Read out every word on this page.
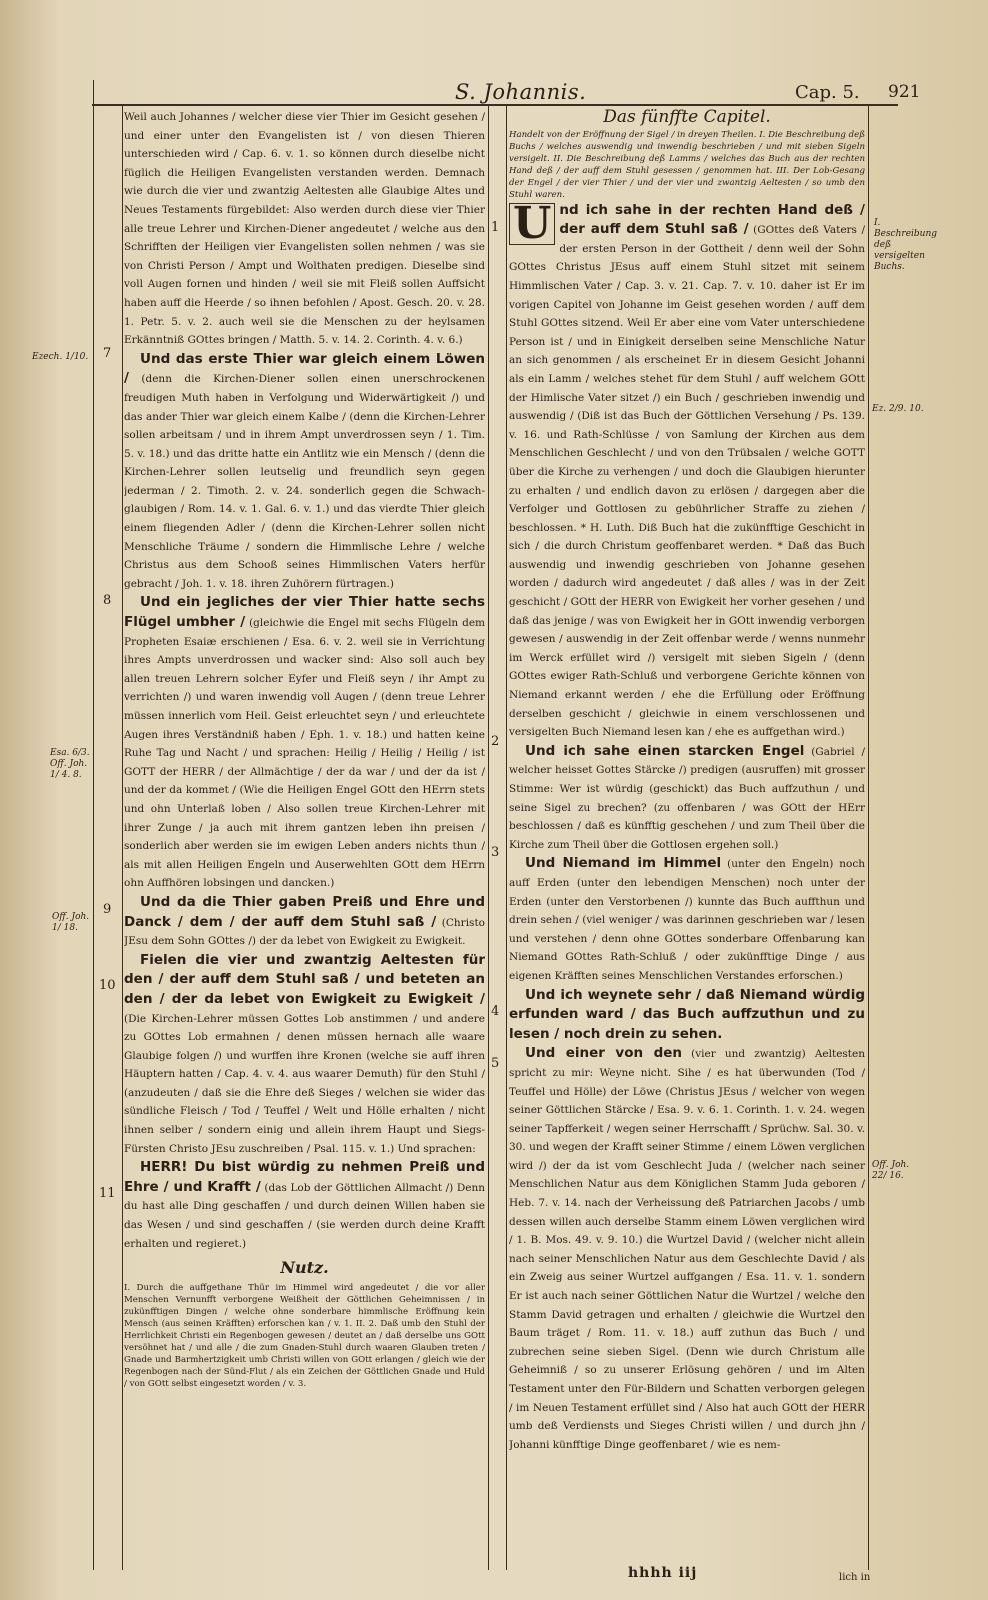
S. Johannis.	Cap. 5. 921

Weil auch Johannes / welcher diese vier Thier im Gesicht gesehen / und einer unter den Evangelisten ist / von diesen Thieren unterschieden wird / Cap. 6. v. 1. so können durch dieselbe nicht füglich die Heiligen Evangelisten verstanden werden. Demnach wie durch die vier und zwantzig Aeltesten alle Glaubige Altes und Neues Testaments fürgebildet: Also werden durch diese vier Thier alle treue Lehrer und Kirchen-Diener angedeutet / welche aus den Schrifften der Heiligen vier Evangelisten sollen nehmen / was sie von Christi Person / Ampt und Wolthaten predigen. Dieselbe sind voll Augen fornen und hinden / weil sie mit Fleiß sollen Auffsicht haben auff die Heerde / so ihnen befohlen / Apost. Gesch. 20. v. 28. 1. Petr. 5. v. 2. auch weil sie die Menschen zu der heylsamen Erkänntniß GOttes bringen / Matth. 5. v. 14. 2. Corinth. 4. v. 6.)

Und das erste Thier war gleich einem Löwen / (denn die Kirchen-Diener sollen einen unerschrockenen freudigen Muth haben in Verfolgung und Widerwärtigkeit /) und das ander Thier war gleich einem Kalbe / (denn die Kirchen-Lehrer sollen arbeitsam / und in ihrem Ampt unverdrossen seyn / 1. Tim. 5. v. 18.) und das dritte hatte ein Antlitz wie ein Mensch / (denn die Kirchen-Lehrer sollen leutselig und freundlich seyn gegen jederman / 2. Timoth. 2. v. 24. sonderlich gegen die Schwach-glaubigen / Rom. 14. v. 1. Gal. 6. v. 1.) und das vierdte Thier gleich einem fliegenden Adler / (denn die Kirchen-Lehrer sollen nicht Menschliche Träume / sondern die Himmlische Lehre / welche Christus aus dem Schooß seines Himmlischen Vaters herfür gebracht / Joh. 1. v. 18. ihren Zuhörern fürtragen.)

Und ein jegliches der vier Thier hatte sechs Flügel umbher / (gleichwie die Engel mit sechs Flügeln dem Propheten Esaiæ erschienen / Esa. 6. v. 2. weil sie in Verrichtung ihres Ampts unverdrossen und wacker sind: Also soll auch bey allen treuen Lehrern solcher Eyfer und Fleiß seyn / ihr Ampt zu verrichten /) und waren inwendig voll Augen / (denn treue Lehrer müssen innerlich vom Heil. Geist erleuchtet seyn / und erleuchtete Augen ihres Verständniß haben / Eph. 1. v. 18.) und hatten keine Ruhe Tag und Nacht / und sprachen: Heilig / Heilig / Heilig / ist GOTT der HERR / der Allmächtige / der da war / und der da ist / und der da kommet / (Wie die Heiligen Engel GOtt den HErrn stets und ohn Unterlaß loben / Also sollen treue Kirchen-Lehrer mit ihrer Zunge / ja auch mit ihrem gantzen leben ihn preisen / sonderlich aber werden sie im ewigen Leben anders nichts thun / als mit allen Heiligen Engeln und Auserwehlten GOtt dem HErrn ohn Auffhören lobsingen und dancken.)

Und da die Thier gaben Preiß und Ehre und Danck / dem / der auff dem Stuhl saß / (Christo JEsu dem Sohn GOttes /) der da lebet von Ewigkeit zu Ewigkeit.

Fielen die vier und zwantzig Aeltesten für den / der auff dem Stuhl saß / und beteten an den / der da lebet von Ewigkeit zu Ewigkeit / (Die Kirchen-Lehrer müssen Gottes Lob anstimmen / und andere zu GOttes Lob ermahnen / denen müssen hernach alle waare Glaubige folgen /) und wurffen ihre Kronen (welche sie auff ihren Häuptern hatten / Cap. 4. v. 4. aus waarer Demuth) für den Stuhl / (anzudeuten / daß sie die Ehre deß Sieges / welchen sie wider das sündliche Fleisch / Tod / Teuffel / Welt und Hölle erhalten / nicht ihnen selber / sondern einig und allein ihrem Haupt und Siegs-Fürsten Christo JEsu zuschreiben / Psal. 115. v. 1.) Und sprachen:

HERR! Du bist würdig zu nehmen Preiß und Ehre / und Krafft / (das Lob der Göttlichen Allmacht /) Denn du hast alle Ding geschaffen / und durch deinen Willen haben sie das Wesen / und sind geschaffen / (sie werden durch deine Krafft erhalten und regieret.)

Nutz.

I. Durch die auffgethane Thür im Himmel wird angedeutet / die vor aller Menschen Vernunfft verborgene Weißheit der Göttlichen Geheimnissen / in zukünfftigen Dingen / welche ohne sonderbare himmlische Eröffnung kein Mensch (aus seinen Kräfften) erforschen kan / v. 1. II. 2. Daß umb den Stuhl der Herrlichkeit Christi ein Regenbogen gewesen / deutet an / daß derselbe uns GOtt versöhnet hat / und alle / die zum Gnaden-Stuhl durch waaren Glauben treten / Gnade und Barmhertzigkeit umb Christi willen von GOtt erlangen / gleich wie der Regenbogen nach der Sünd-Flut / als ein Zeichen der Göttlichen Gnade und Huld / von GOtt selbst eingesetzt worden / v. 3.

7
8
9
10
11
Ezech. 1/10.
Esa. 6/3. Off. Joh. 1/ 4. 8.
Off. Joh. 1/ 18.
Das fünffte Capitel.

Handelt von der Eröffnung der Sigel / in dreyen Theilen. I. Die Beschreibung deß Buchs / welches auswendig und inwendig beschrieben / und mit sieben Sigeln versigelt. II. Die Beschreibung deß Lamms / welches das Buch aus der rechten Hand deß / der auff dem Stuhl gesessen / genommen hat. III. Der Lob-Gesang der Engel / der vier Thier / und der vier und zwantzig Aeltesten / so umb den Stuhl waren.

U nd ich sahe in der rechten Hand deß / der auff dem Stuhl saß / (GOttes deß Vaters / der ersten Person in der Gottheit / denn weil der Sohn GOttes Christus JEsus auff einem Stuhl sitzet mit seinem Himmlischen Vater / Cap. 3. v. 21. Cap. 7. v. 10. daher ist Er im vorigen Capitel von Johanne im Geist gesehen worden / auff dem Stuhl GOttes sitzend. Weil Er aber eine vom Vater unterschiedene Person ist / und in Einigkeit derselben seine Menschliche Natur an sich genommen / als erscheinet Er in diesem Gesicht Johanni als ein Lamm / welches stehet für dem Stuhl / auff welchem GOtt der Himlische Vater sitzet /) ein Buch / geschrieben inwendig und auswendig / (Diß ist das Buch der Göttlichen Versehung / Ps. 139. v. 16. und Rath-Schlüsse / von Samlung der Kirchen aus dem Menschlichen Geschlecht / und von den Trübsalen / welche GOTT über die Kirche zu verhengen / und doch die Glaubigen hierunter zu erhalten / und endlich davon zu erlösen / dargegen aber die Verfolger und Gottlosen zu gebührlicher Straffe zu ziehen / beschlossen. * H. Luth. Diß Buch hat die zukünfftige Geschicht in sich / die durch Christum geoffenbaret werden. * Daß das Buch auswendig und inwendig geschrieben von Johanne gesehen worden / dadurch wird angedeutet / daß alles / was in der Zeit geschicht / GOtt der HERR von Ewigkeit her vorher gesehen / und daß das jenige / was von Ewigkeit her in GOtt inwendig verborgen gewesen / auswendig in der Zeit offenbar werde / wenns nunmehr im Werck erfüllet wird /) versigelt mit sieben Sigeln / (denn GOttes ewiger Rath-Schluß und verborgene Gerichte können von Niemand erkannt werden / ehe die Erfüllung oder Eröffnung derselben geschicht / gleichwie in einem verschlossenen und versigelten Buch Niemand lesen kan / ehe es auffgethan wird.)

Und ich sahe einen starcken Engel (Gabriel / welcher heisset Gottes Stärcke /) predigen (ausruffen) mit grosser Stimme: Wer ist würdig (geschickt) das Buch auffzuthun / und seine Sigel zu brechen? (zu offenbaren / was GOtt der HErr beschlossen / daß es künfftig geschehen / und zum Theil über die Kirche zum Theil über die Gottlosen ergehen soll.)

Und Niemand im Himmel (unter den Engeln) noch auff Erden (unter den lebendigen Menschen) noch unter der Erden (unter den Verstorbenen /) kunnte das Buch auffthun und drein sehen / (viel weniger / was darinnen geschrieben war / lesen und verstehen / denn ohne GOttes sonderbare Offenbarung kan Niemand GOttes Rath-Schluß / oder zukünfftige Dinge / aus eigenen Kräfften seines Menschlichen Verstandes erforschen.)

Und ich weynete sehr / daß Niemand würdig erfunden ward / das Buch auffzuthun und zu lesen / noch drein zu sehen.

Und einer von den (vier und zwantzig) Aeltesten spricht zu mir: Weyne nicht. Sihe / es hat überwunden (Tod / Teuffel und Hölle) der Löwe (Christus JEsus / welcher von wegen seiner Göttlichen Stärcke / Esa. 9. v. 6. 1. Corinth. 1. v. 24. wegen seiner Tapfferkeit / wegen seiner Herrschafft / Sprüchw. Sal. 30. v. 30. und wegen der Krafft seiner Stimme / einem Löwen verglichen wird /) der da ist vom Geschlecht Juda / (welcher nach seiner Menschlichen Natur aus dem Königlichen Stamm Juda geboren / Heb. 7. v. 14. nach der Verheissung deß Patriarchen Jacobs / umb dessen willen auch derselbe Stamm einem Löwen verglichen wird / 1. B. Mos. 49. v. 9. 10.) die Wurtzel David / (welcher nicht allein nach seiner Menschlichen Natur aus dem Geschlechte David / als ein Zweig aus seiner Wurtzel auffgangen / Esa. 11. v. 1. sondern Er ist auch nach seiner Göttlichen Natur die Wurtzel / welche den Stamm David getragen und erhalten / gleichwie die Wurtzel den Baum träget / Rom. 11. v. 18.) auff zuthun das Buch / und zubrechen seine sieben Sigel. (Denn wie durch Christum alle Geheimniß / so zu unserer Erlösung gehören / und im Alten Testament unter den Für-Bildern und Schatten verborgen gelegen / im Neuen Testament erfüllet sind / Also hat auch GOtt der HERR umb deß Verdiensts und Sieges Christi willen / und durch jhn / Johanni künfftige Dinge geoffenbaret / wie es nem-

1
2
3
4
5
I. Beschreibung deß versigelten Buchs.
Ez. 2/9. 10.
Off. Joh. 22/ 16.
hhhh iij	lich in
